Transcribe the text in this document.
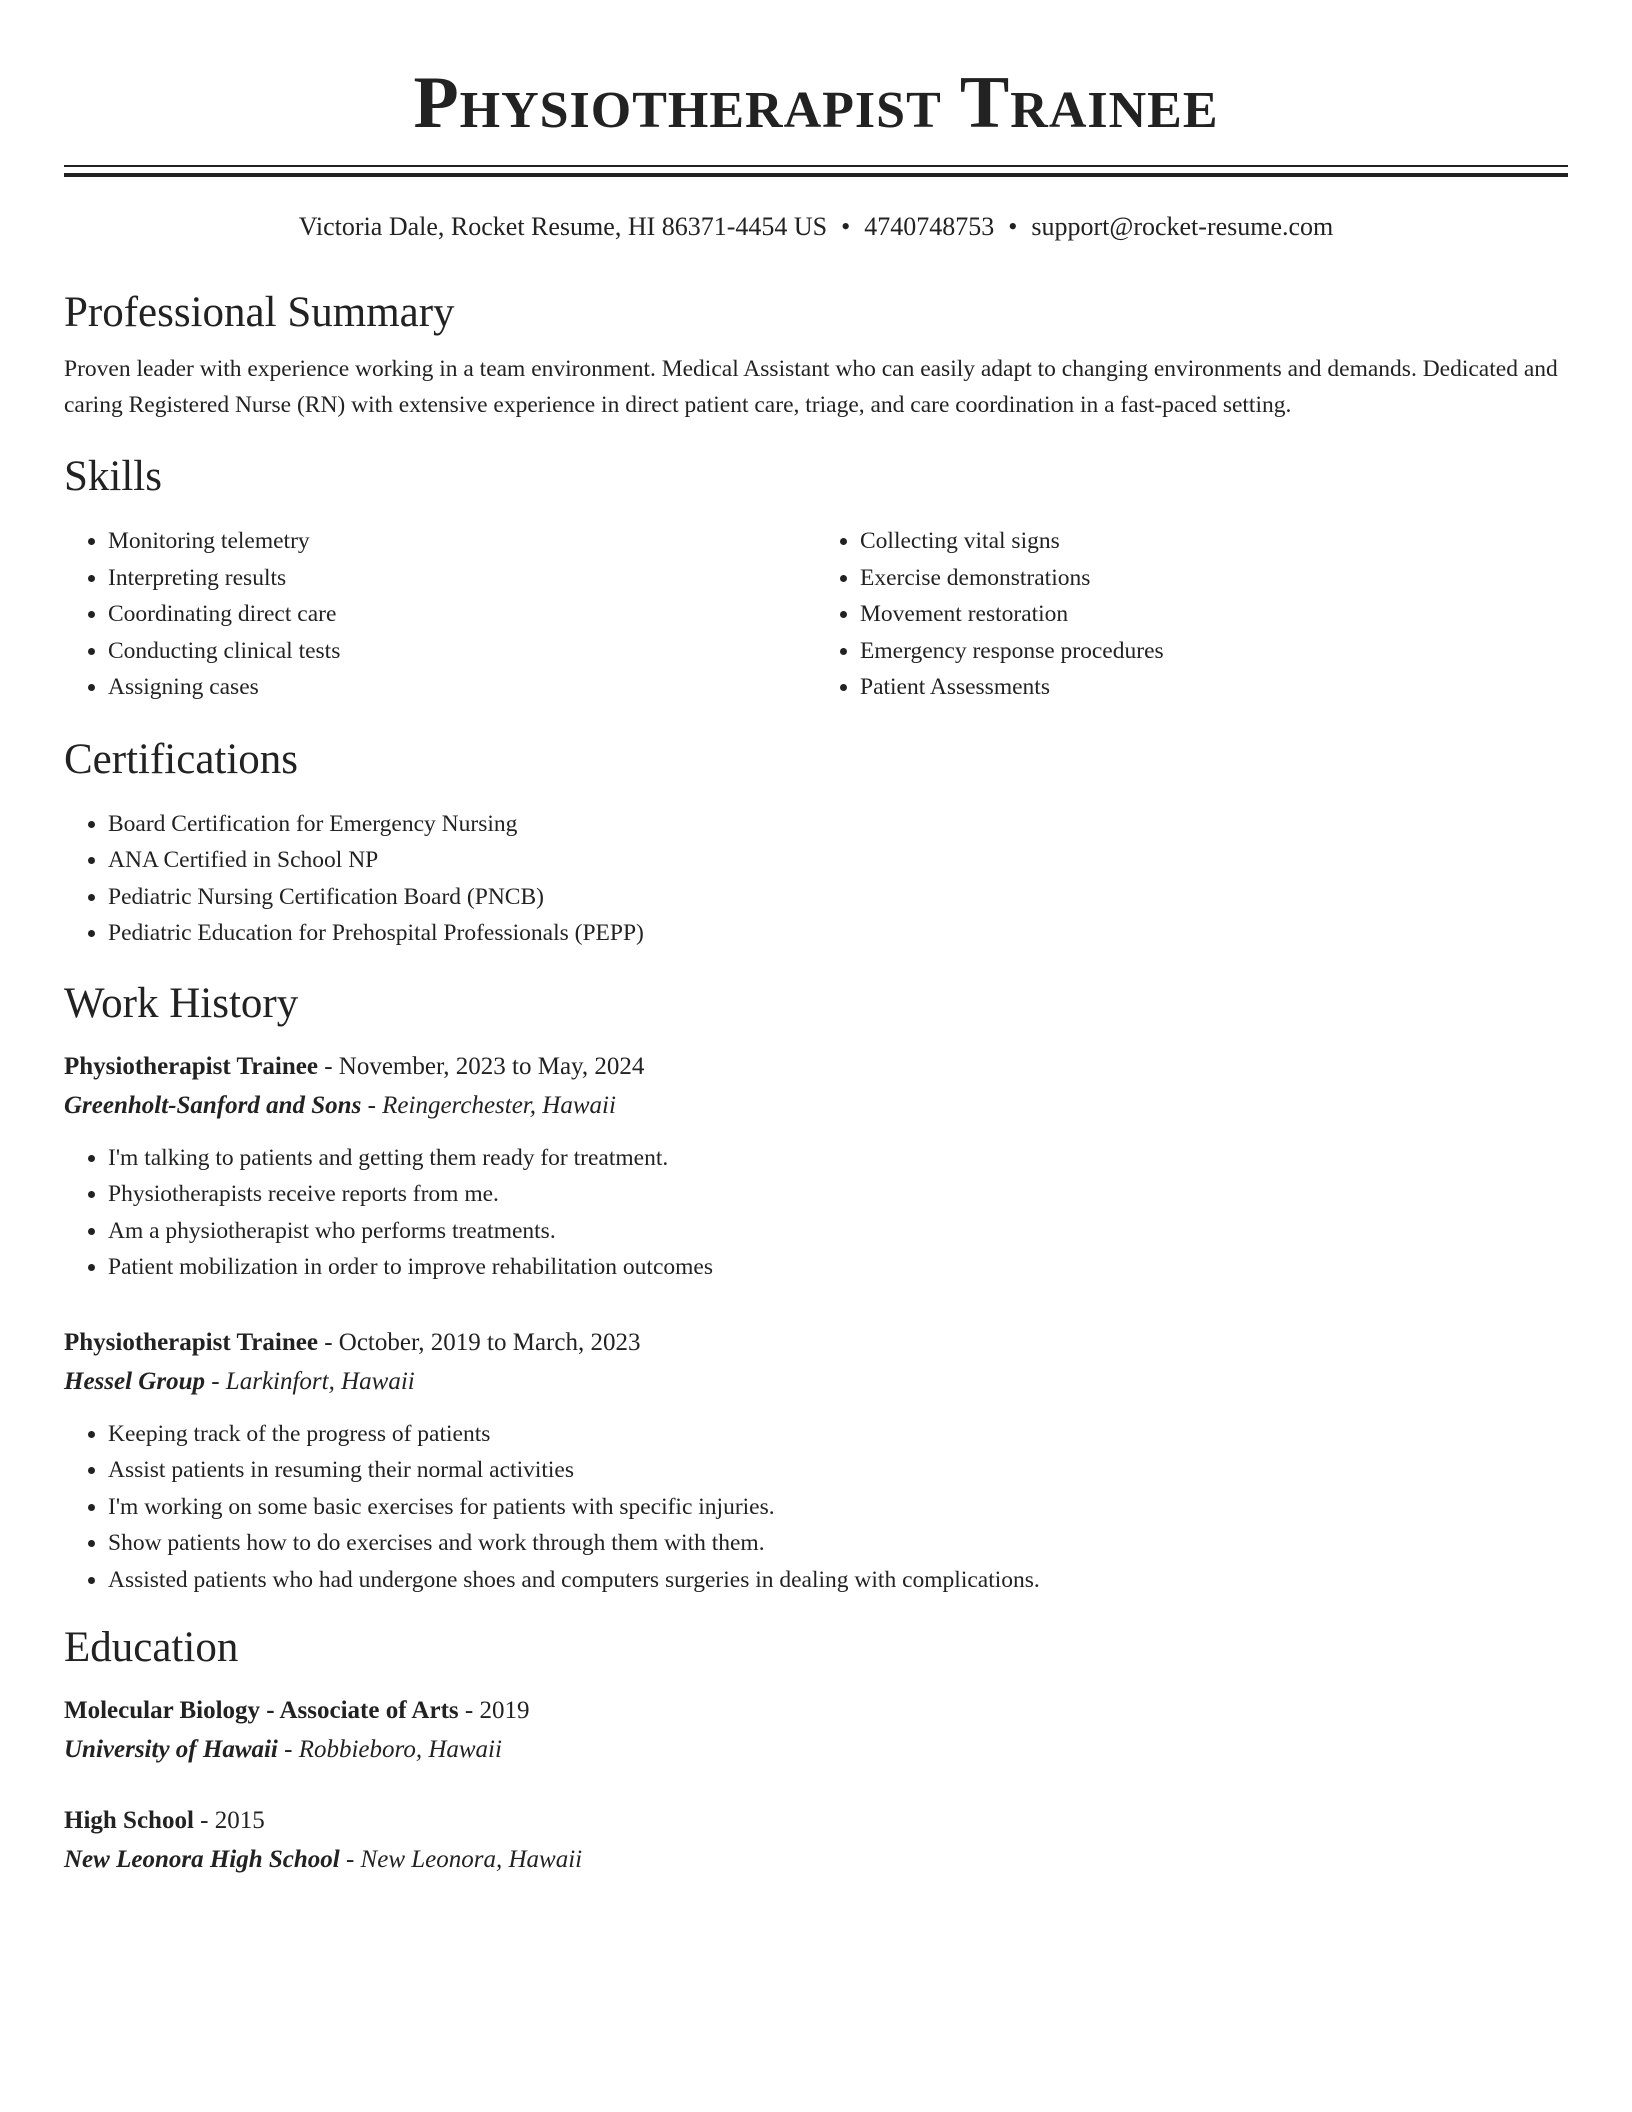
Physiotherapist Trainee
Victoria Dale, Rocket Resume, HI 86371-4454 US • 4740748753 • support@rocket-resume.com
Professional Summary

Proven leader with experience working in a team environment. Medical Assistant who can easily adapt to changing environments and demands. Dedicated and caring Registered Nurse (RN) with extensive experience in direct patient care, triage, and care coordination in a fast-paced setting.

Skills
• Monitoring telemetry
• Interpreting results
• Coordinating direct care
• Conducting clinical tests
• Assigning cases
• Collecting vital signs
• Exercise demonstrations
• Movement restoration
• Emergency response procedures
• Patient Assessments
Certifications
• Board Certification for Emergency Nursing
• ANA Certified in School NP
• Pediatric Nursing Certification Board (PNCB)
• Pediatric Education for Prehospital Professionals (PEPP)
Work History
Physiotherapist Trainee - November, 2023 to May, 2024
Greenholt-Sanford and Sons - Reingerchester, Hawaii
• I'm talking to patients and getting them ready for treatment.
• Physiotherapists receive reports from me.
• Am a physiotherapist who performs treatments.
• Patient mobilization in order to improve rehabilitation outcomes
Physiotherapist Trainee - October, 2019 to March, 2023
Hessel Group - Larkinfort, Hawaii
• Keeping track of the progress of patients
• Assist patients in resuming their normal activities
• I'm working on some basic exercises for patients with specific injuries.
• Show patients how to do exercises and work through them with them.
• Assisted patients who had undergone shoes and computers surgeries in dealing with complications.
Education
Molecular Biology - Associate of Arts - 2019
University of Hawaii - Robbieboro, Hawaii
High School - 2015
New Leonora High School - New Leonora, Hawaii
